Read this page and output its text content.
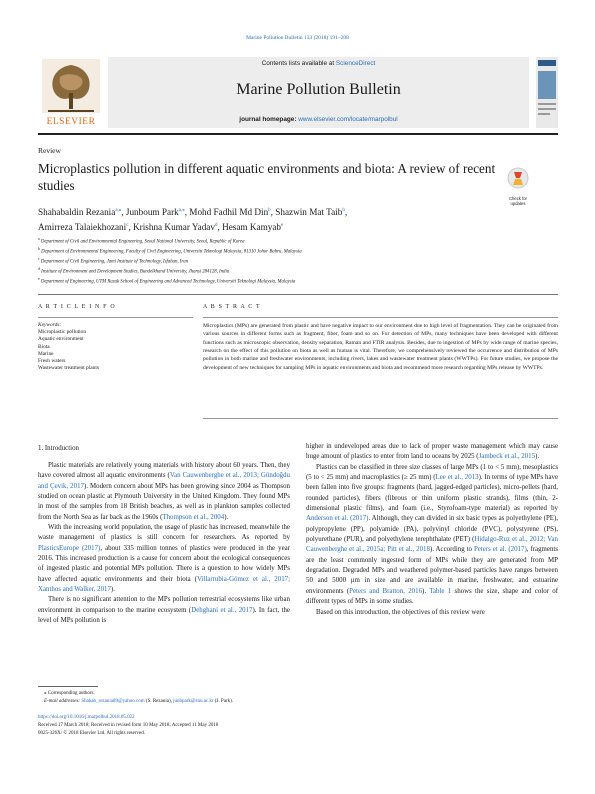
Marine Pollution Bulletin 133 (2018) 191–208
ELSEVIER
Contents lists available at ScienceDirect
Marine Pollution Bulletin
journal homepage: www.elsevier.com/locate/marpolbul
Review
Microplastics pollution in different aquatic environments and biota: A review of recent studies
Check for
updates
Shahabaldin Rezania$^{a,⁎}$, Junboum Park$^{a,⁎}$, Mohd Fadhil Md Din$^b$, Shazwin Mat Taib$^b$,
Amirreza Talaiekhozani$^c$, Krishna Kumar Yadav$^d$, Hesam Kamyab$^e$
$^a$ Department of Civil and Environmental Engineering, Seoul National University, Seoul, Republic of Korea
$^b$ Department of Environmental Engineering, Faculty of Civil Engineering, Universiti Teknologi Malaysia, 81310 Johor Bahru, Malaysia
$^c$ Department of Civil Engineering, Jami Institute of Technology, Isfahan, Iran
$^d$ Institute of Environment and Development Studies, Bundelkhand University, Jhansi 284128, India
$^e$ Department of Engineering, UTM Razak School of Engineering and Advanced Technology, Universiti Teknologi Malaysia, Malaysia
A R T I C L E I N F O	A B S T R A C T
Keywords:
Microplastic pollution
Aquatic environment
Biota
Marine
Fresh waters
Wastewater treatment plants
Microplastics (MPs) are generated from plastic and have negative impact to our environment due to high level of fragmentation. They can be originated from various sources in different forms such as fragment, fiber, foam and so on. For detection of MPs, many techniques have been developed with different functions such as microscopic observation, density separation, Raman and FTIR analysis. Besides, due to ingestion of MPs by wide range of marine species, research on the effect of this pollution on biota as well as human is vital. Therefore, we comprehensively reviewed the occurrence and distribution of MPs pollution in both marine and freshwater environments, including rivers, lakes and wastewater treatment plants (WWTPs). For future studies, we propose the development of new techniques for sampling MPs in aquatic environments and biota and recommend more research regarding MPs release by WWTPs.
1. Introduction

Plastic materials are relatively young materials with history about 60 years. Then, they have covered almost all aquatic environments (Van Cauwenberghe et al., 2013; Gündoğdu and Çevik, 2017). Modern concern about MPs has been growing since 2004 as Thompson studied on ocean plastic at Plymouth University in the United Kingdom. They found MPs in most of the samples from 18 British beaches, as well as in plankton samples collected from the North Sea as far back as the 1960s (Thompson et al., 2004).

With the increasing world population, the usage of plastic has increased, meanwhile the waste management of plastics is still concern for researchers. As reported by PlasticsEurope (2017), about 335 million tonnes of plastics were produced in the year 2016. This increased production is a cause for concern about the ecological consequences of ingested plastic and potential MPs pollution. There is a question to how widely MPs have affected aquatic environments and their biota (Villarrubia-Gómez et al., 2017; Xanthos and Walker, 2017).

There is no significant attention to the MPs pollution terrestrial ecosystems like urban environment in comparison to the marine ecosystem (Dehghani et al., 2017). In fact, the level of MPs pollution is

higher in undeveloped areas due to lack of proper waste management which may cause huge amount of plastics to enter from land to oceans by 2025 (Jambeck et al., 2015).

Plastics can be classified in three size classes of large MPs (1 to < 5 mm), mesoplastics (5 to < 25 mm) and macroplastics (≥ 25 mm) (Lee et al., 2013). In terms of type MPs have been fallen into five groups: fragments (hard, jagged-edged particles), micro-pellets (hard, rounded particles), fibers (fibrous or thin uniform plastic strands), films (thin, 2-dimensional plastic films), and foam (i.e., Styrofoam-type material) as reported by Anderson et al. (2017). Although, they can divided in six basic types as polyethylene (PE), polypropylene (PP), polyamide (PA), polyvinyl chloride (PVC), polystyrene (PS), polyurethane (PUR), and polyethylene terephthalate (PET) (Hidalgo-Ruz et al., 2012; Van Cauwenberghe et al., 2015a; Pitt et al., 2018). According to Peters et al. (2017), fragments are the least commonly ingested form of MPs while they are generated from MP degradation. Degraded MPs and weathered polymer-based particles have ranges between 50 and 5000 μm in size and are available in marine, freshwater, and estuarine environments (Peters and Bratton, 2016). Table 1 shows the size, shape and color of different types of MPs in some studies.

Based on this introduction, the objectives of this review were

⁎ Corresponding authors.
E-mail addresses: Shahab_rezania89@yahoo.com (S. Rezania), junbpark@snu.ac.kr (J. Park).
https://doi.org/10.1016/j.marpolbul.2018.05.022
Received 17 March 2018; Received in revised form 10 May 2018; Accepted 11 May 2018
0025-326X/ © 2018 Elsevier Ltd. All rights reserved.
